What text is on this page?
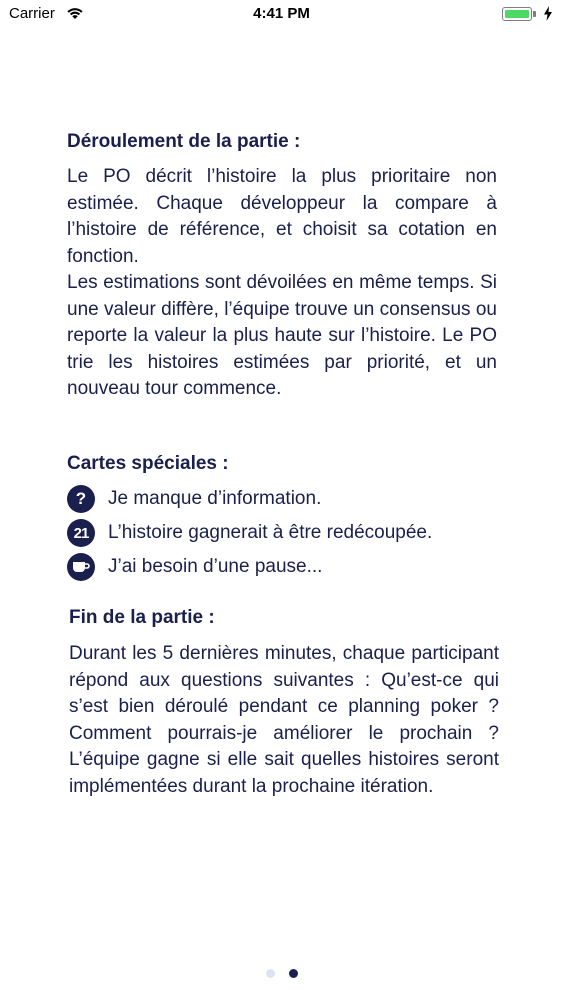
Carrier	4:41 PM
Déroulement de la partie :

Le PO décrit l’histoire la plus prioritaire non estimée. Chaque développeur la compare à l’histoire de référence, et choisit sa cotation en fonction.

Les estimations sont dévoilées en même temps. Si une valeur diffère, l’équipe trouve un consensus ou reporte la valeur la plus haute sur l’histoire. Le PO trie les histoires estimées par priorité, et un nouveau tour commence.

Cartes spéciales :
?	Je manque d’information.
21	L’histoire gagnerait à être redécoupée.
J’ai besoin d’une pause...
Fin de la partie :

Durant les 5 dernières minutes, chaque participant répond aux questions suivantes : Qu’est-ce qui s’est bien déroulé pendant ce planning poker ? Comment pourrais-je améliorer le prochain ? L’équipe gagne si elle sait quelles histoires seront implémentées durant la prochaine itération.
